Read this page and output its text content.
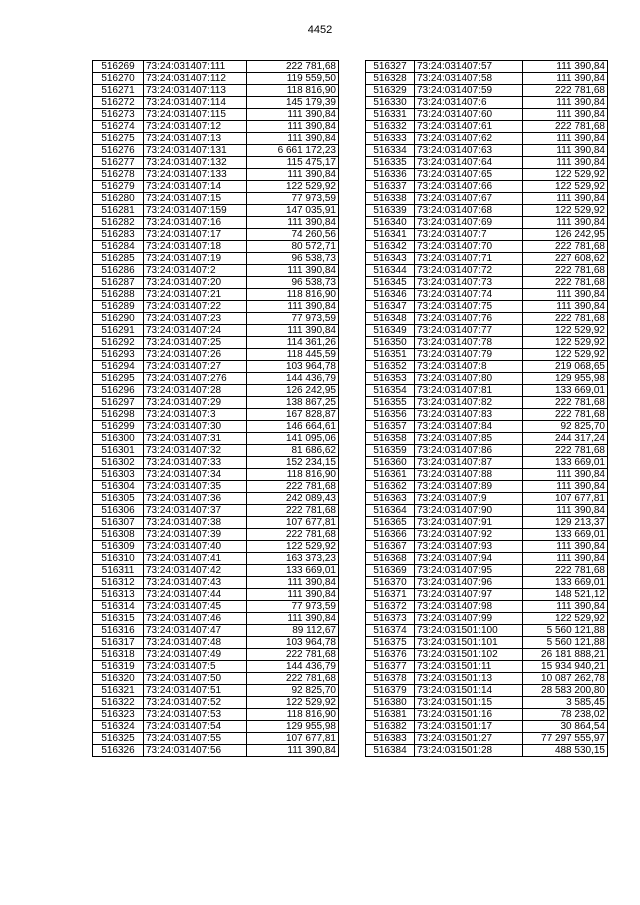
4452
516269	73:24:031407:111	222 781,68
516270	73:24:031407:112	119 559,50
516271	73:24:031407:113	118 816,90
516272	73:24:031407:114	145 179,39
516273	73:24:031407:115	111 390,84
516274	73:24:031407:12	111 390,84
516275	73:24:031407:13	111 390,84
516276	73:24:031407:131	6 661 172,23
516277	73:24:031407:132	115 475,17
516278	73:24:031407:133	111 390,84
516279	73:24:031407:14	122 529,92
516280	73:24:031407:15	77 973,59
516281	73:24:031407:159	147 035,91
516282	73:24:031407:16	111 390,84
516283	73:24:031407:17	74 260,56
516284	73:24:031407:18	80 572,71
516285	73:24:031407:19	96 538,73
516286	73:24:031407:2	111 390,84
516287	73:24:031407:20	96 538,73
516288	73:24:031407:21	118 816,90
516289	73:24:031407:22	111 390,84
516290	73:24:031407:23	77 973,59
516291	73:24:031407:24	111 390,84
516292	73:24:031407:25	114 361,26
516293	73:24:031407:26	118 445,59
516294	73:24:031407:27	103 964,78
516295	73:24:031407:276	144 436,79
516296	73:24:031407:28	126 242,95
516297	73:24:031407:29	138 867,25
516298	73:24:031407:3	167 828,87
516299	73:24:031407:30	146 664,61
516300	73:24:031407:31	141 095,06
516301	73:24:031407:32	81 686,62
516302	73:24:031407:33	152 234,15
516303	73:24:031407:34	118 816,90
516304	73:24:031407:35	222 781,68
516305	73:24:031407:36	242 089,43
516306	73:24:031407:37	222 781,68
516307	73:24:031407:38	107 677,81
516308	73:24:031407:39	222 781,68
516309	73:24:031407:40	122 529,92
516310	73:24:031407:41	163 373,23
516311	73:24:031407:42	133 669,01
516312	73:24:031407:43	111 390,84
516313	73:24:031407:44	111 390,84
516314	73:24:031407:45	77 973,59
516315	73:24:031407:46	111 390,84
516316	73:24:031407:47	89 112,67
516317	73:24:031407:48	103 964,78
516318	73:24:031407:49	222 781,68
516319	73:24:031407:5	144 436,79
516320	73:24:031407:50	222 781,68
516321	73:24:031407:51	92 825,70
516322	73:24:031407:52	122 529,92
516323	73:24:031407:53	118 816,90
516324	73:24:031407:54	129 955,98
516325	73:24:031407:55	107 677,81
516326	73:24:031407:56	111 390,84
516327	73:24:031407:57	111 390,84
516328	73:24:031407:58	111 390,84
516329	73:24:031407:59	222 781,68
516330	73:24:031407:6	111 390,84
516331	73:24:031407:60	111 390,84
516332	73:24:031407:61	222 781,68
516333	73:24:031407:62	111 390,84
516334	73:24:031407:63	111 390,84
516335	73:24:031407:64	111 390,84
516336	73:24:031407:65	122 529,92
516337	73:24:031407:66	122 529,92
516338	73:24:031407:67	111 390,84
516339	73:24:031407:68	122 529,92
516340	73:24:031407:69	111 390,84
516341	73:24:031407:7	126 242,95
516342	73:24:031407:70	222 781,68
516343	73:24:031407:71	227 608,62
516344	73:24:031407:72	222 781,68
516345	73:24:031407:73	222 781,68
516346	73:24:031407:74	111 390,84
516347	73:24:031407:75	111 390,84
516348	73:24:031407:76	222 781,68
516349	73:24:031407:77	122 529,92
516350	73:24:031407:78	122 529,92
516351	73:24:031407:79	122 529,92
516352	73:24:031407:8	219 068,65
516353	73:24:031407:80	129 955,98
516354	73:24:031407:81	133 669,01
516355	73:24:031407:82	222 781,68
516356	73:24:031407:83	222 781,68
516357	73:24:031407:84	92 825,70
516358	73:24:031407:85	244 317,24
516359	73:24:031407:86	222 781,68
516360	73:24:031407:87	133 669,01
516361	73:24:031407:88	111 390,84
516362	73:24:031407:89	111 390,84
516363	73:24:031407:9	107 677,81
516364	73:24:031407:90	111 390,84
516365	73:24:031407:91	129 213,37
516366	73:24:031407:92	133 669,01
516367	73:24:031407:93	111 390,84
516368	73:24:031407:94	111 390,84
516369	73:24:031407:95	222 781,68
516370	73:24:031407:96	133 669,01
516371	73:24:031407:97	148 521,12
516372	73:24:031407:98	111 390,84
516373	73:24:031407:99	122 529,92
516374	73:24:031501:100	5 560 121,88
516375	73:24:031501:101	5 560 121,88
516376	73:24:031501:102	26 181 888,21
516377	73:24:031501:11	15 934 940,21
516378	73:24:031501:13	10 087 262,78
516379	73:24:031501:14	28 583 200,80
516380	73:24:031501:15	3 585,45
516381	73:24:031501:16	78 238,02
516382	73:24:031501:17	30 864,54
516383	73:24:031501:27	77 297 555,97
516384	73:24:031501:28	488 530,15
